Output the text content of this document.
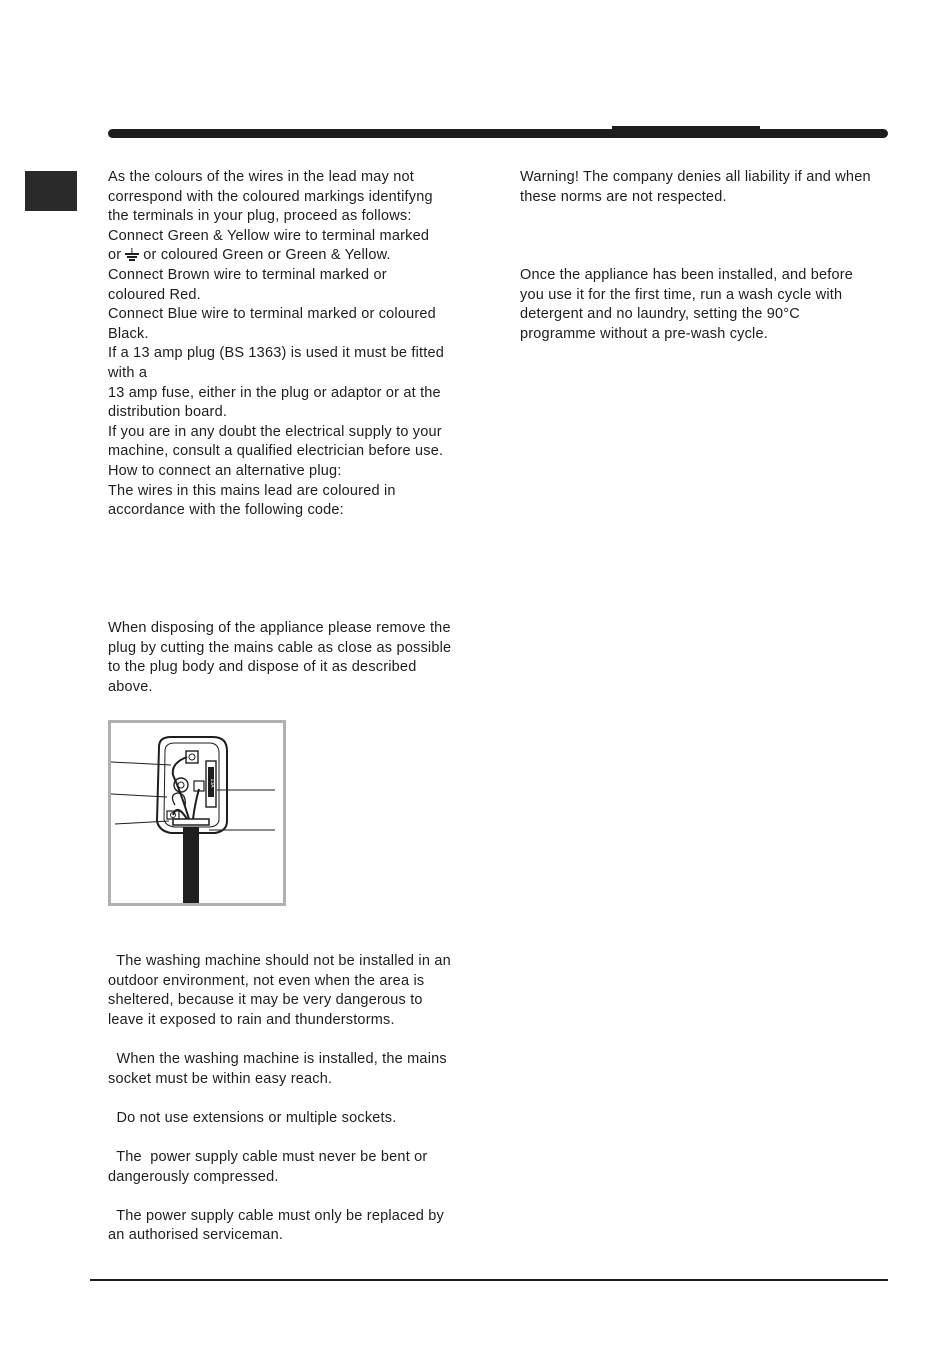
As the colours of the wires in the lead may not
correspond with the coloured markings identifyng
the terminals in your plug, proceed as follows:
Connect Green & Yellow wire to terminal marked
or or coloured Green or Green & Yellow.
Connect Brown wire to terminal marked or
coloured Red.
Connect Blue wire to terminal marked or coloured
Black.
If a 13 amp plug (BS 1363) is used it must be fitted
with a
13 amp fuse, either in the plug or adaptor or at the
distribution board.
If you are in any doubt the electrical supply to your
machine, consult a qualified electrician before use.
How to connect an alternative plug:
The wires in this mains lead are coloured in
accordance with the following code:

When disposing of the appliance please remove the
plug by cutting the mains cable as close as possible
to the plug body and dispose of it as described
above.

13A

The washing machine should not be installed in an
outdoor environment, not even when the area is
sheltered, because it may be very dangerous to
leave it exposed to rain and thunderstorms.

When the washing machine is installed, the mains
socket must be within easy reach.

Do not use extensions or multiple sockets.

The  power supply cable must never be bent or
dangerously compressed.

The power supply cable must only be replaced by
an authorised serviceman.

Warning! The company denies all liability if and when
these norms are not respected.

Once the appliance has been installed, and before
you use it for the first time, run a wash cycle with
detergent and no laundry, setting the 90°C
programme without a pre-wash cycle.
